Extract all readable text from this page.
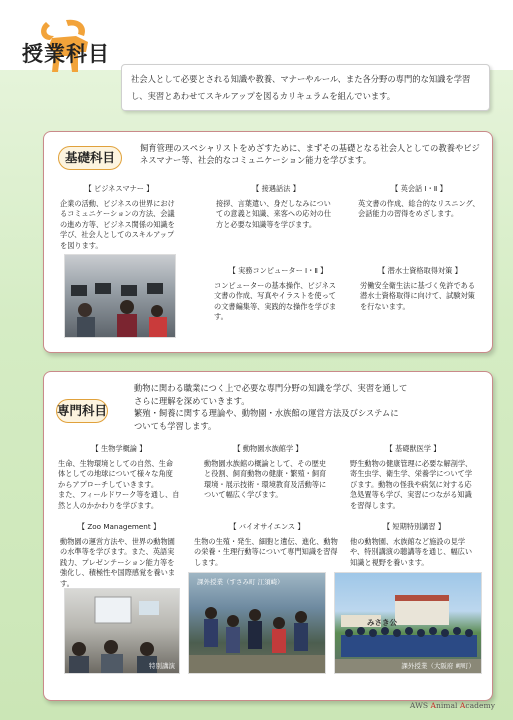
授業科目
社会人として必要とされる知識や教養、マナーやルール、また各分野の専門的な知識を学習し、実習とあわせてスキルアップを図るカリキュラムを組んでいます。
基礎科目
飼育管理のスペシャリストをめざすために、まずその基礎となる社会人としての教養やビジネスマナー等、社会的なコミュニケーション能力を学びます。
【 ビジネスマナー 】
企業の活動、ビジネスの世界におけるコミュニケーションの方法、会議の進め方等、ビジネス関係の知識を学び、社会人としてのスキルアップを図ります。
【 接遇話法 】
接拶、言葉遣い、身だしなみについての意義と知識、来客への応対の仕方と必要な知識等を学びます。
【 英会話 Ⅰ・Ⅱ 】
英文書の作成、総合的なリスニング、会話能力の習得をめざします。
【 実務コンピューター Ⅰ・Ⅱ 】
コンピューターの基本操作、ビジネス文書の作成、写真やイラストを使っての文書編集等、実践的な操作を学びます。
【 潜水士資格取得対策 】
労働安全衛生法に基づく免許である潜水士資格取得に向けて、試験対策を行ないます。
専門科目
動物に関わる職業につく上で必要な専門分野の知識を学び、実習を通して
さらに理解を深めていきます。
繁殖・飼養に関する理論や、動物園・水族館の運営方法及びシステムに
ついても学習します。
【 生物学概論 】
生命、生物環境としての自然、生命体としての地球について様々な角度からアプローチしていきます。
また、フィールドワーク等を通し、自然と人のかかわりを学びます。
【 動物園水族館学 】
動物園水族館の概論として、その歴史と役割、飼育動物の健康・繁殖・飼育環境・展示技術・環境教育及活動等について幅広く学びます。
【 基礎獣医学 】
野生動物の健康管理に必要な解剖学、寄生虫学、衛生学、栄養学について学びます。動物の怪我や病気に対する応急処置等も学び、実習につながる知識を習得します。
【 Zoo Management 】
動物園の運営方法や、世界の動物園の水準等を学びます。また、英語実践力、プレゼンテーション能力等を強化し、積極性や国際感覚を養います。
【 バイオサイエンス 】
生物の生殖・発生、細胞と遺伝、進化、動物の栄養・生理行動等について専門知識を習得します。
【 短期特別講習 】
他の動物園、水族館など施設の見学や、特別講演の聴講等を通じ、幅広い知識と視野を養います。
特別講演
課外授業（すさみ町 江須崎）
みさき公
課外授業（大阪府 岬町）
AWS Animal Academy
